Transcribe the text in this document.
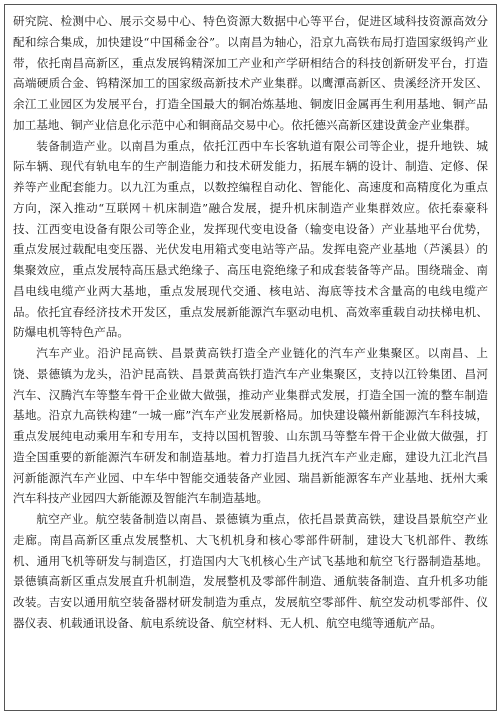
研究院、检测中心、展示交易中心、特色资源大数据中心等平台，促进区域科技资源高效分配和综合集成，加快建设“中国稀金谷”。以南昌为轴心，沿京九高铁布局打造国家级钨产业带，依托南昌高新区，重点发展钨精深加工产业和产学研相结合的科技创新研发平台，打造高端硬质合金、钨精深加工的国家级高新技术产业集群。以鹰潭高新区、贵溪经济开发区、余江工业园区为发展平台，打造全国最大的铜冶炼基地、铜废旧金属再生利用基地、铜产品加工基地、铜产业信息化示范中心和铜商品交易中心。依托德兴高新区建设黄金产业集群。

装备制造产业。以南昌为重点，依托江西中车长客轨道有限公司等企业，提升地铁、城际车辆、现代有轨电车的生产制造能力和技术研发能力，拓展车辆的设计、制造、定修、保养等产业配套能力。以九江为重点，以数控编程自动化、智能化、高速度和高精度化为重点方向，深入推动“互联网＋机床制造”融合发展，提升机床制造产业集群效应。依托泰豪科技、江西变电设备有限公司等企业，发挥现代变电设备（输变电设备）产业基地平台优势，重点发展过载配电变压器、光伏发电用箱式变电站等产品。发挥电瓷产业基地（芦溪县）的集聚效应，重点发展特高压悬式绝缘子、高压电瓷绝缘子和成套装备等产品。围绕瑞金、南昌电线电缆产业两大基地，重点发展现代交通、核电站、海底等技术含量高的电线电缆产品。依托宜春经济技术开发区，重点发展新能源汽车驱动电机、高效率重载自动扶梯电机、防爆电机等特色产品。

汽车产业。沿沪昆高铁、昌景黄高铁打造全产业链化的汽车产业集聚区。以南昌、上饶、景德镇为龙头，沿沪昆高铁、昌景黄高铁打造汽车产业集聚区，支持以江铃集团、昌河汽车、汉腾汽车等整车骨干企业做大做强，推动产业集群式发展，打造全国一流的整车制造基地。沿京九高铁构建“一城一廊”汽车产业发展新格局。加快建设赣州新能源汽车科技城，重点发展纯电动乘用车和专用车，支持以国机智骏、山东凯马等整车骨干企业做大做强，打造全国重要的新能源汽车研发和制造基地。着力打造昌九抚汽车产业走廊，建设九江北汽昌河新能源汽车产业园、中车华中智能交通装备产业园、瑞昌新能源客车产业基地、抚州大乘汽车科技产业园四大新能源及智能汽车制造基地。

航空产业。航空装备制造以南昌、景德镇为重点，依托昌景黄高铁，建设昌景航空产业走廊。南昌高新区重点发展整机、大飞机机身和核心零部件研制，建设大飞机部件、教练机、通用飞机等研发与制造区，打造国内大飞机核心生产试飞基地和航空飞行器制造基地。景德镇高新区重点发展直升机制造，发展整机及零部件制造、通航装备制造、直升机多功能改装。吉安以通用航空装备器材研发制造为重点，发展航空零部件、航空发动机零部件、仪器仪表、机载通讯设备、航电系统设备、航空材料、无人机、航空电缆等通航产品。
